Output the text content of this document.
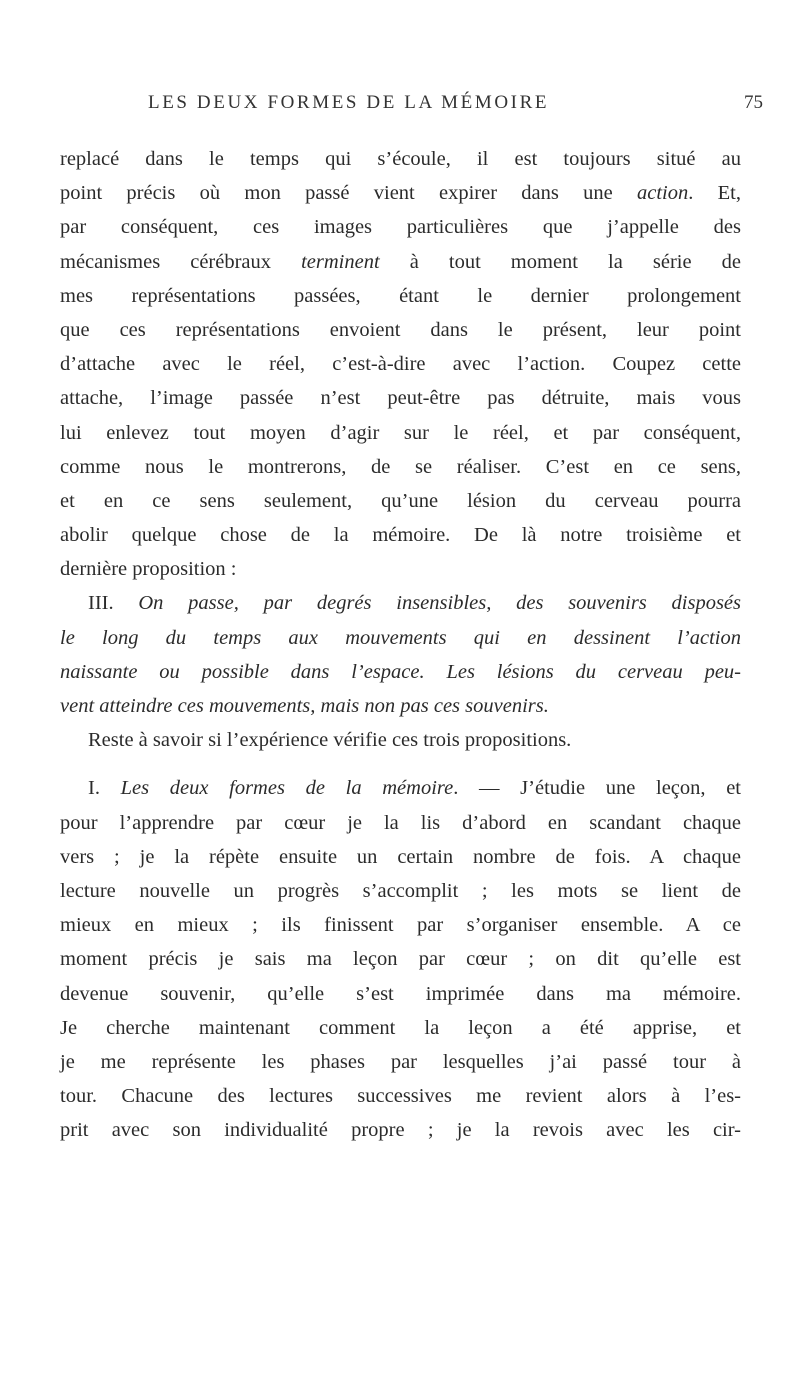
LES DEUX FORMES DE LA MÉMOIRE	75
replacé dans le temps qui s’écoule, il est toujours situé au
point précis où mon passé vient expirer dans une action. Et,
par conséquent, ces images particulières que j’appelle des
mécanismes cérébraux terminent à tout moment la série de
mes représentations passées, étant le dernier prolongement
que ces représentations envoient dans le présent, leur point
d’attache avec le réel, c’est-à-dire avec l’action. Coupez cette
attache, l’image passée n’est peut-être pas détruite, mais vous
lui enlevez tout moyen d’agir sur le réel, et par conséquent,
comme nous le montrerons, de se réaliser. C’est en ce sens,
et en ce sens seulement, qu’une lésion du cerveau pourra
abolir quelque chose de la mémoire. De là notre troisième et
dernière proposition :
III. On passe, par degrés insensibles, des souvenirs disposés
le long du temps aux mouvements qui en dessinent l’action
naissante ou possible dans l’espace. Les lésions du cerveau peu-
vent atteindre ces mouvements, mais non pas ces souvenirs.
Reste à savoir si l’expérience vérifie ces trois propositions.
I. Les deux formes de la mémoire. — J’étudie une leçon, et
pour l’apprendre par cœur je la lis d’abord en scandant chaque
vers ; je la répète ensuite un certain nombre de fois. A chaque
lecture nouvelle un progrès s’accomplit ; les mots se lient de
mieux en mieux ; ils finissent par s’organiser ensemble. A ce
moment précis je sais ma leçon par cœur ; on dit qu’elle est
devenue souvenir, qu’elle s’est imprimée dans ma mémoire.
Je cherche maintenant comment la leçon a été apprise, et
je me représente les phases par lesquelles j’ai passé tour à
tour. Chacune des lectures successives me revient alors à l’es-
prit avec son individualité propre ; je la revois avec les cir-
